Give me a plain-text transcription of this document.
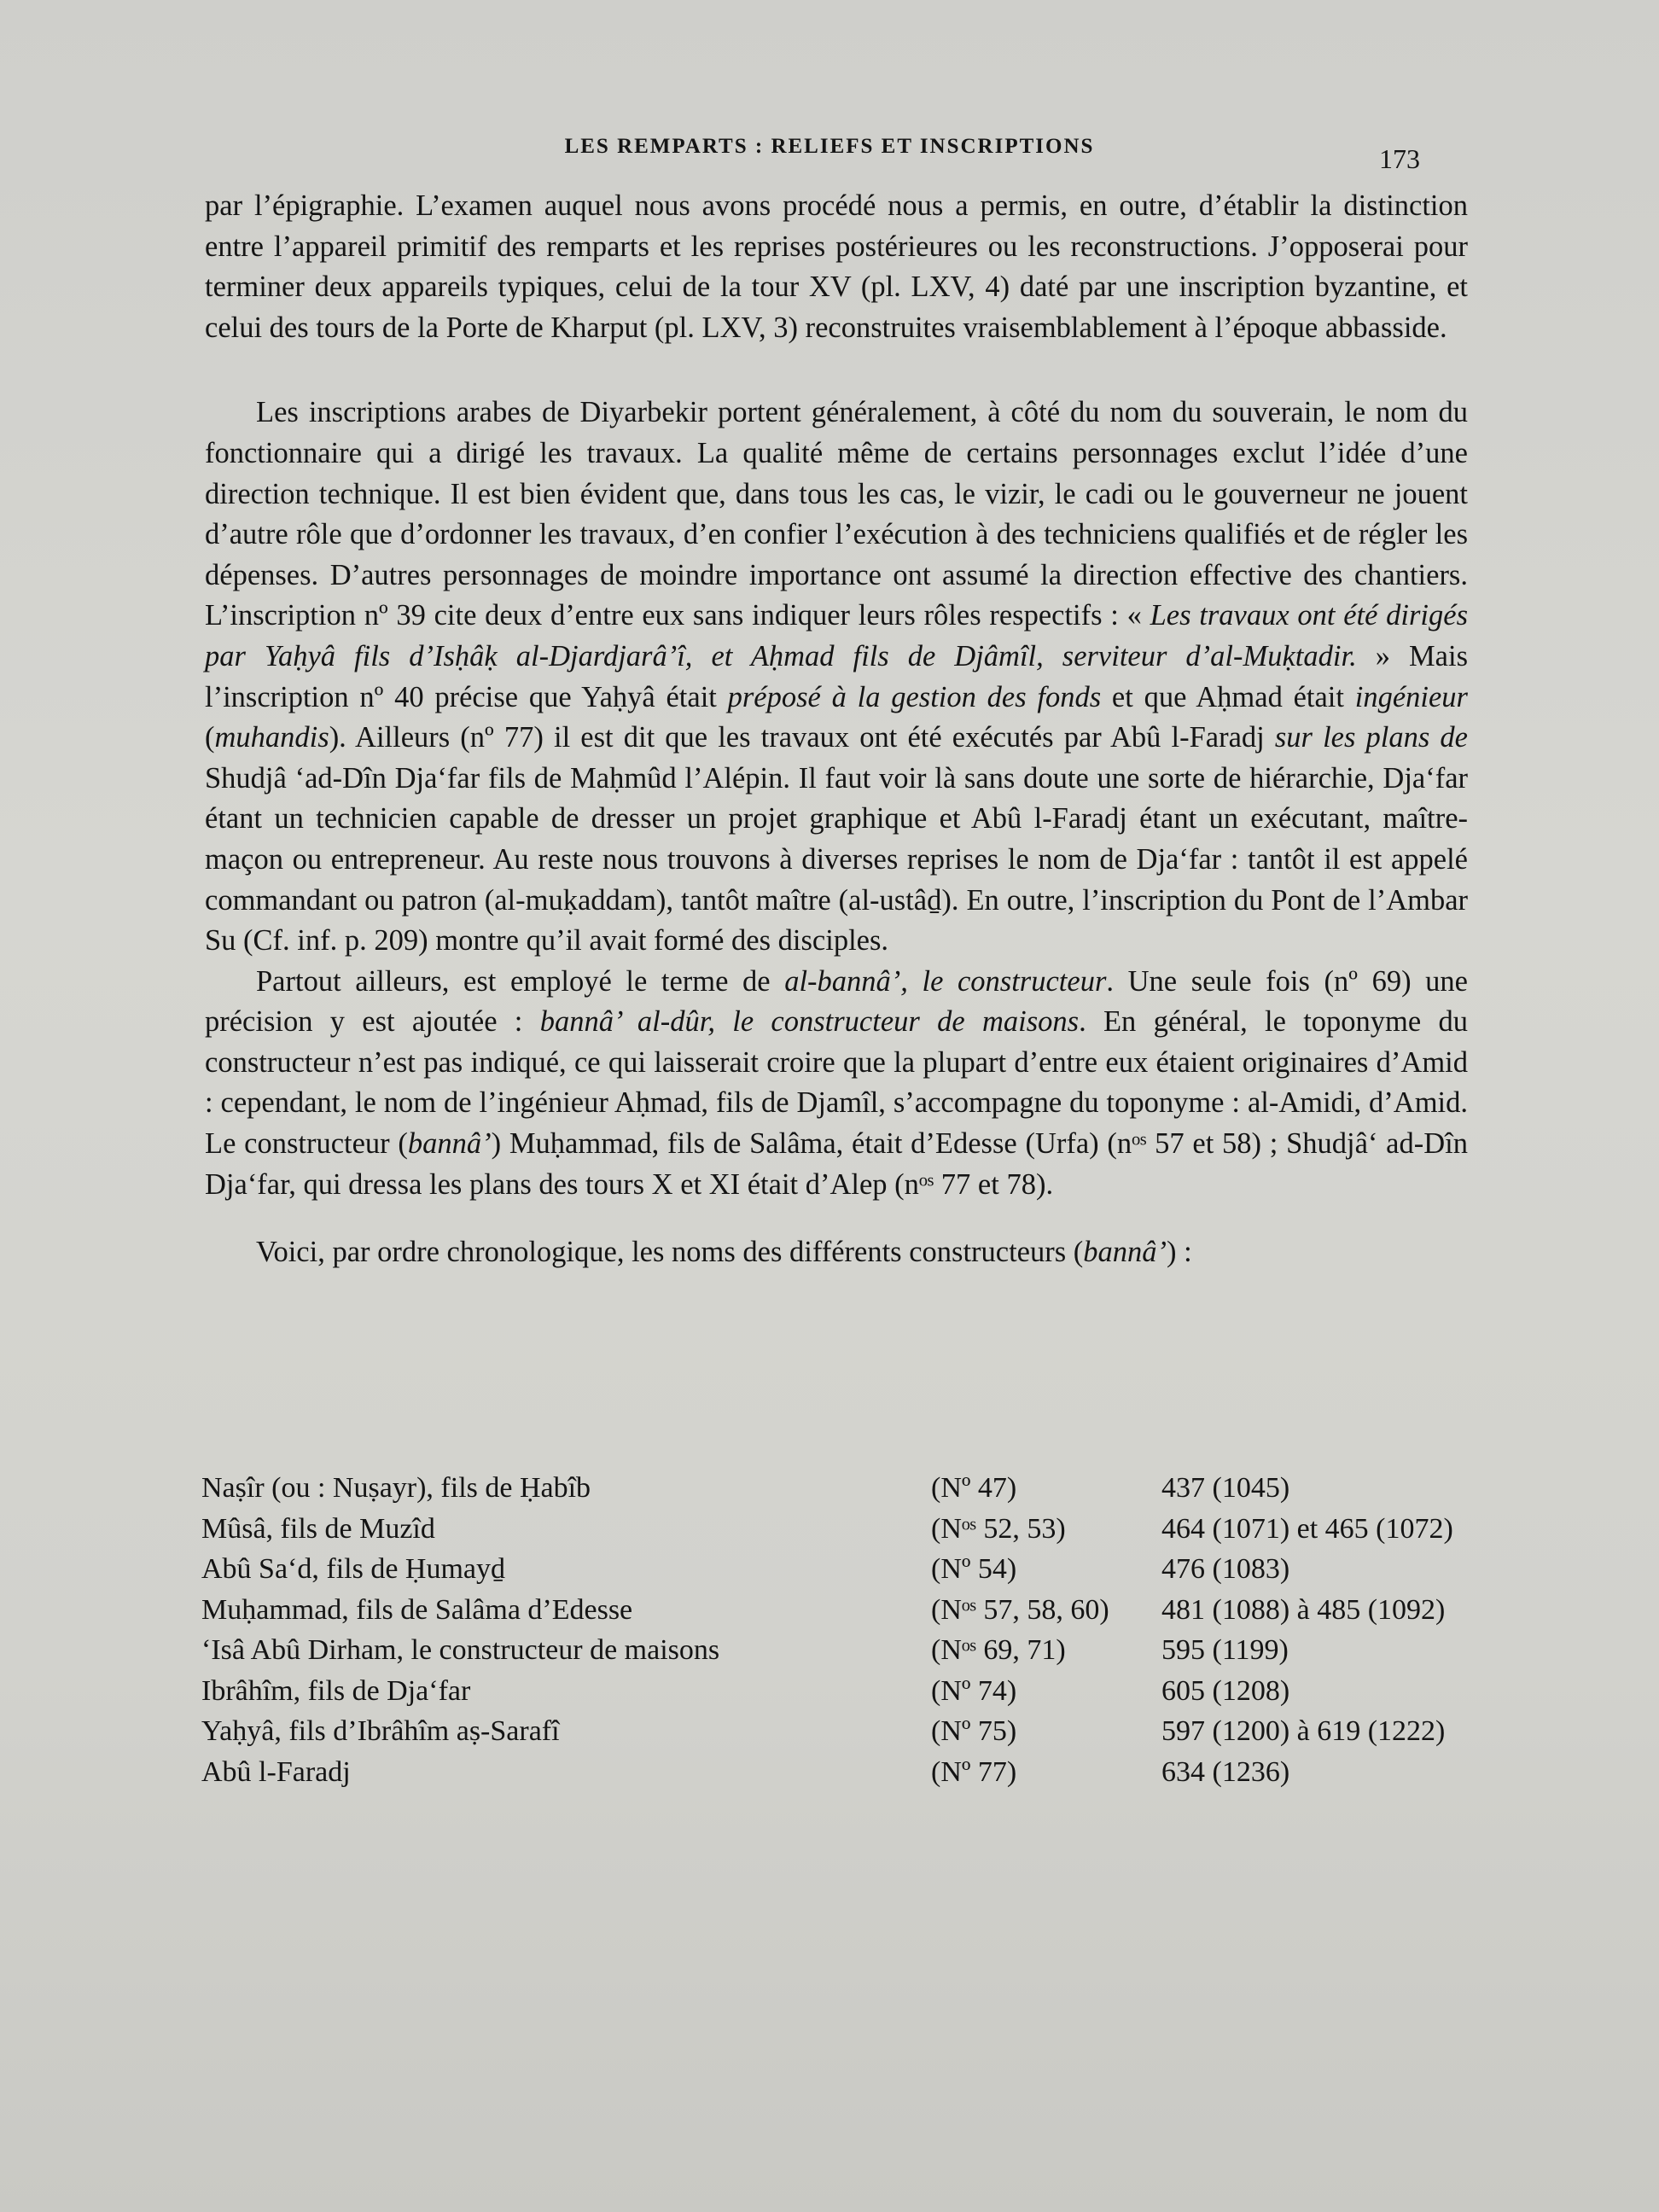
LES REMPARTS : RELIEFS ET INSCRIPTIONS	173

par l’épigraphie. L’examen auquel nous avons procédé nous a permis, en outre, d’établir la distinction entre l’appareil primitif des remparts et les reprises postérieures ou les reconstructions. J’opposerai pour terminer deux appareils typiques, celui de la tour XV (pl. LXV, 4) daté par une inscription byzantine, et celui des tours de la Porte de Kharput (pl. LXV, 3) reconstruites vraisemblablement à l’époque abbasside.

Les inscriptions arabes de Diyarbekir portent généralement, à côté du nom du souverain, le nom du fonctionnaire qui a dirigé les travaux. La qualité même de certains personnages exclut l’idée d’une direction technique. Il est bien évident que, dans tous les cas, le vizir, le cadi ou le gouverneur ne jouent d’autre rôle que d’ordonner les travaux, d’en confier l’exécution à des techniciens qualifiés et de régler les dépenses. D’autres personnages de moindre importance ont assumé la direction effective des chantiers. L’inscription nº 39 cite deux d’entre eux sans indiquer leurs rôles respectifs : « Les travaux ont été dirigés par Yaḥyâ fils d’Isḥâḳ al-Djardjarâ’î, et Aḥmad fils de Djâmîl, serviteur d’al-Muḳtadir. » Mais l’inscription nº 40 précise que Yaḥyâ était préposé à la gestion des fonds et que Aḥmad était ingénieur (muhandis). Ailleurs (nº 77) il est dit que les travaux ont été exécutés par Abû l-Faradj sur les plans de Shudjâ ‘ad-Dîn Dja‘far fils de Maḥmûd l’Alépin. Il faut voir là sans doute une sorte de hiérarchie, Dja‘far étant un technicien capable de dresser un projet graphique et Abû l-Faradj étant un exécutant, maître-maçon ou entrepreneur. Au reste nous trouvons à diverses reprises le nom de Dja‘far : tantôt il est appelé commandant ou patron (al-muḳaddam), tantôt maître (al-ustâḏ). En outre, l’inscription du Pont de l’Ambar Su (Cf. inf. p. 209) montre qu’il avait formé des disciples.

Partout ailleurs, est employé le terme de al-bannâ’, le constructeur. Une seule fois (nº 69) une précision y est ajoutée : bannâ’ al-dûr, le constructeur de maisons. En général, le toponyme du constructeur n’est pas indiqué, ce qui laisserait croire que la plupart d’entre eux étaient originaires d’Amid : cependant, le nom de l’ingénieur Aḥmad, fils de Djamîl, s’accompagne du toponyme : al-Amidi, d’Amid. Le constructeur (bannâ’) Muḥammad, fils de Salâma, était d’Edesse (Urfa) (nᵒˢ 57 et 58) ; Shudjâ‘ ad-Dîn Dja‘far, qui dressa les plans des tours X et XI était d’Alep (nᵒˢ 77 et 78).

Voici, par ordre chronologique, les noms des différents constructeurs (bannâ’) :

Naṣîr (ou : Nuṣayr), fils de Ḥabîb	(Nº 47)	437 (1045)
Mûsâ, fils de Muzîd	(Nᵒˢ 52, 53)	464 (1071) et 465 (1072)
Abû Sa‘d, fils de Ḥumayḏ	(Nº 54)	476 (1083)
Muḥammad, fils de Salâma d’Edesse	(Nᵒˢ 57, 58, 60)	481 (1088) à 485 (1092)
‘Isâ Abû Dirham, le constructeur de maisons	(Nᵒˢ 69, 71)	595 (1199)
Ibrâhîm, fils de Dja‘far	(Nº 74)	605 (1208)
Yaḥyâ, fils d’Ibrâhîm aṣ-Sarafî	(Nº 75)	597 (1200) à 619 (1222)
Abû l-Faradj	(Nº 77)	634 (1236)
